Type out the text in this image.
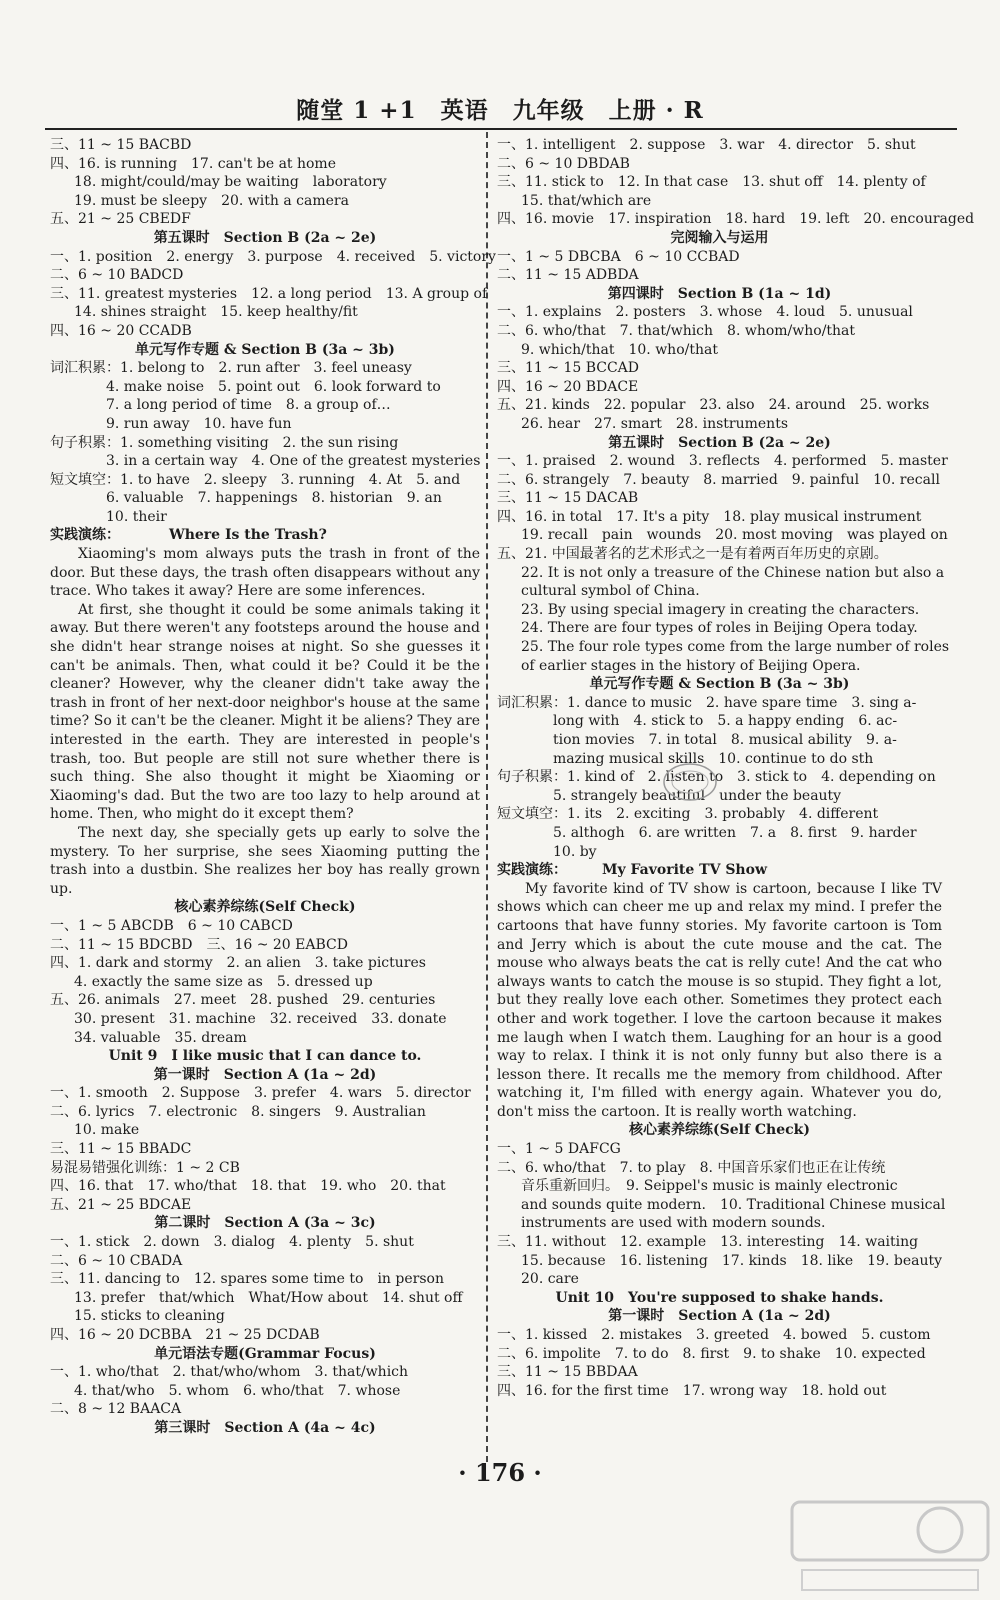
随堂 1 +1　英语　九年级　上册 · R
三、11 ~ 15 BACBD
四、16. is running　17. can't be at home
18. might/could/may be waiting　laboratory
19. must be sleepy　20. with a camera
五、21 ~ 25 CBEDF
第五课时　Section B (2a ~ 2e)
一、1. position　2. energy　3. purpose　4. received　5. victory
二、6 ~ 10 BADCD
三、11. greatest mysteries　12. a long period　13. A group of
14. shines straight　15. keep healthy/fit
四、16 ~ 20 CCADB
单元写作专题 & Section B (3a ~ 3b)
词汇积累：1. belong to　2. run after　3. feel uneasy
　　　　4. make noise　5. point out　6. look forward to
　　　　7. a long period of time　8. a group of…
　　　　9. run away　10. have fun
句子积累：1. something visiting　2. the sun rising
　　　　3. in a certain way　4. One of the greatest mysteries
短文填空：1. to have　2. sleepy　3. running　4. At　5. and
　　　　6. valuable　7. happenings　8. historian　9. an
　　　　10. their
实践演练：　　　　Where Is the Trash?
Xiaoming's mom always puts the trash in front of the door. But these days, the trash often disappears without any trace. Who takes it away? Here are some inferences.
At first, she thought it could be some animals taking it away. But there weren't any footsteps around the house and she didn't hear strange noises at night. So she guesses it can't be animals. Then, what could it be? Could it be the cleaner? However, why the cleaner didn't take away the trash in front of her next-door neighbor's house at the same time? So it can't be the cleaner. Might it be aliens? They are interested in the earth. They are interested in people's trash, too. But people are still not sure whether there is such thing. She also thought it might be Xiaoming or Xiaoming's dad. But the two are too lazy to help around at home. Then, who might do it except them?
The next day, she specially gets up early to solve the mystery. To her surprise, she sees Xiaoming putting the trash into a dustbin. She realizes her boy has really grown up.
核心素养综练(Self Check)
一、1 ~ 5 ABCDB　6 ~ 10 CABCD
二、11 ~ 15 BDCBD　三、16 ~ 20 EABCD
四、1. dark and stormy　2. an alien　3. take pictures
4. exactly the same size as　5. dressed up
五、26. animals　27. meet　28. pushed　29. centuries
30. present　31. machine　32. received　33. donate
34. valuable　35. dream
Unit 9　I like music that I can dance to.
第一课时　Section A (1a ~ 2d)
一、1. smooth　2. Suppose　3. prefer　4. wars　5. director
二、6. lyrics　7. electronic　8. singers　9. Australian
10. make
三、11 ~ 15 BBADC
易混易错强化训练：1 ~ 2 CB
四、16. that　17. who/that　18. that　19. who　20. that
五、21 ~ 25 BDCAE
第二课时　Section A (3a ~ 3c)
一、1. stick　2. down　3. dialog　4. plenty　5. shut
二、6 ~ 10 CBADA
三、11. dancing to　12. spares some time to　in person
13. prefer　that/which　What/How about　14. shut off
15. sticks to cleaning
四、16 ~ 20 DCBBA　21 ~ 25 DCDAB
单元语法专题(Grammar Focus)
一、1. who/that　2. that/who/whom　3. that/which
4. that/who　5. whom　6. who/that　7. whose
二、8 ~ 12 BAACA
第三课时　Section A (4a ~ 4c)
一、1. intelligent　2. suppose　3. war　4. director　5. shut
二、6 ~ 10 DBDAB
三、11. stick to　12. In that case　13. shut off　14. plenty of
15. that/which are
四、16. movie　17. inspiration　18. hard　19. left　20. encouraged
完阅输入与运用
一、1 ~ 5 DBCBA　6 ~ 10 CCBAD
二、11 ~ 15 ADBDA
第四课时　Section B (1a ~ 1d)
一、1. explains　2. posters　3. whose　4. loud　5. unusual
二、6. who/that　7. that/which　8. whom/who/that
9. which/that　10. who/that
三、11 ~ 15 BCCAD
四、16 ~ 20 BDACE
五、21. kinds　22. popular　23. also　24. around　25. works
26. hear　27. smart　28. instruments
第五课时　Section B (2a ~ 2e)
一、1. praised　2. wound　3. reflects　4. performed　5. master
二、6. strangely　7. beauty　8. married　9. painful　10. recall
三、11 ~ 15 DACAB
四、16. in total　17. It's a pity　18. play musical instrument
19. recall　pain　wounds　20. most moving　was played on
五、21. 中国最著名的艺术形式之一是有着两百年历史的京剧。
22. It is not only a treasure of the Chinese nation but also a
cultural symbol of China.
23. By using special imagery in creating the characters.
24. There are four types of roles in Beijing Opera today.
25. The four role types come from the large number of roles
of earlier stages in the history of Beijing Opera.
单元写作专题 & Section B (3a ~ 3b)
词汇积累：1. dance to music　2. have spare time　3. sing a-
　　　　long with　4. stick to　5. a happy ending　6. ac-
　　　　tion movies　7. in total　8. musical ability　9. a-
　　　　mazing musical skills　10. continue to do sth
句子积累：1. kind of　2. listen to　3. stick to　4. depending on
　　　　5. strangely beautiful　under the beauty
短文填空：1. its　2. exciting　3. probably　4. different
　　　　5. althogh　6. are written　7. a　8. first　9. harder
　　　　10. by
实践演练：　　　My Favorite TV Show
My favorite kind of TV show is cartoon, because I like TV shows which can cheer me up and relax my mind. I prefer the cartoons that have funny stories. My favorite cartoon is Tom and Jerry which is about the cute mouse and the cat. The mouse who always beats the cat is relly cute! And the cat who always wants to catch the mouse is so stupid. They fight a lot, but they really love each other. Sometimes they protect each other and work together. I love the cartoon because it makes me laugh when I watch them. Laughing for an hour is a good way to relax. I think it is not only funny but also there is a lesson there. It recalls me the memory from childhood. After watching it, I'm filled with energy again. Whatever you do, don't miss the cartoon. It is really worth watching.
核心素养综练(Self Check)
一、1 ~ 5 DAFCG
二、6. who/that　7. to play　8. 中国音乐家们也正在让传统
音乐重新回归。　9. Seippel's music is mainly electronic
and sounds quite modern.　10. Traditional Chinese musical
instruments are used with modern sounds.
三、11. without　12. example　13. interesting　14. waiting
15. because　16. listening　17. kinds　18. like　19. beauty
20. care
Unit 10　You're supposed to shake hands.
第一课时　Section A (1a ~ 2d)
一、1. kissed　2. mistakes　3. greeted　4. bowed　5. custom
二、6. impolite　7. to do　8. first　9. to shake　10. expected
三、11 ~ 15 BBDAA
四、16. for the first time　17. wrong way　18. hold out
· 176 ·
